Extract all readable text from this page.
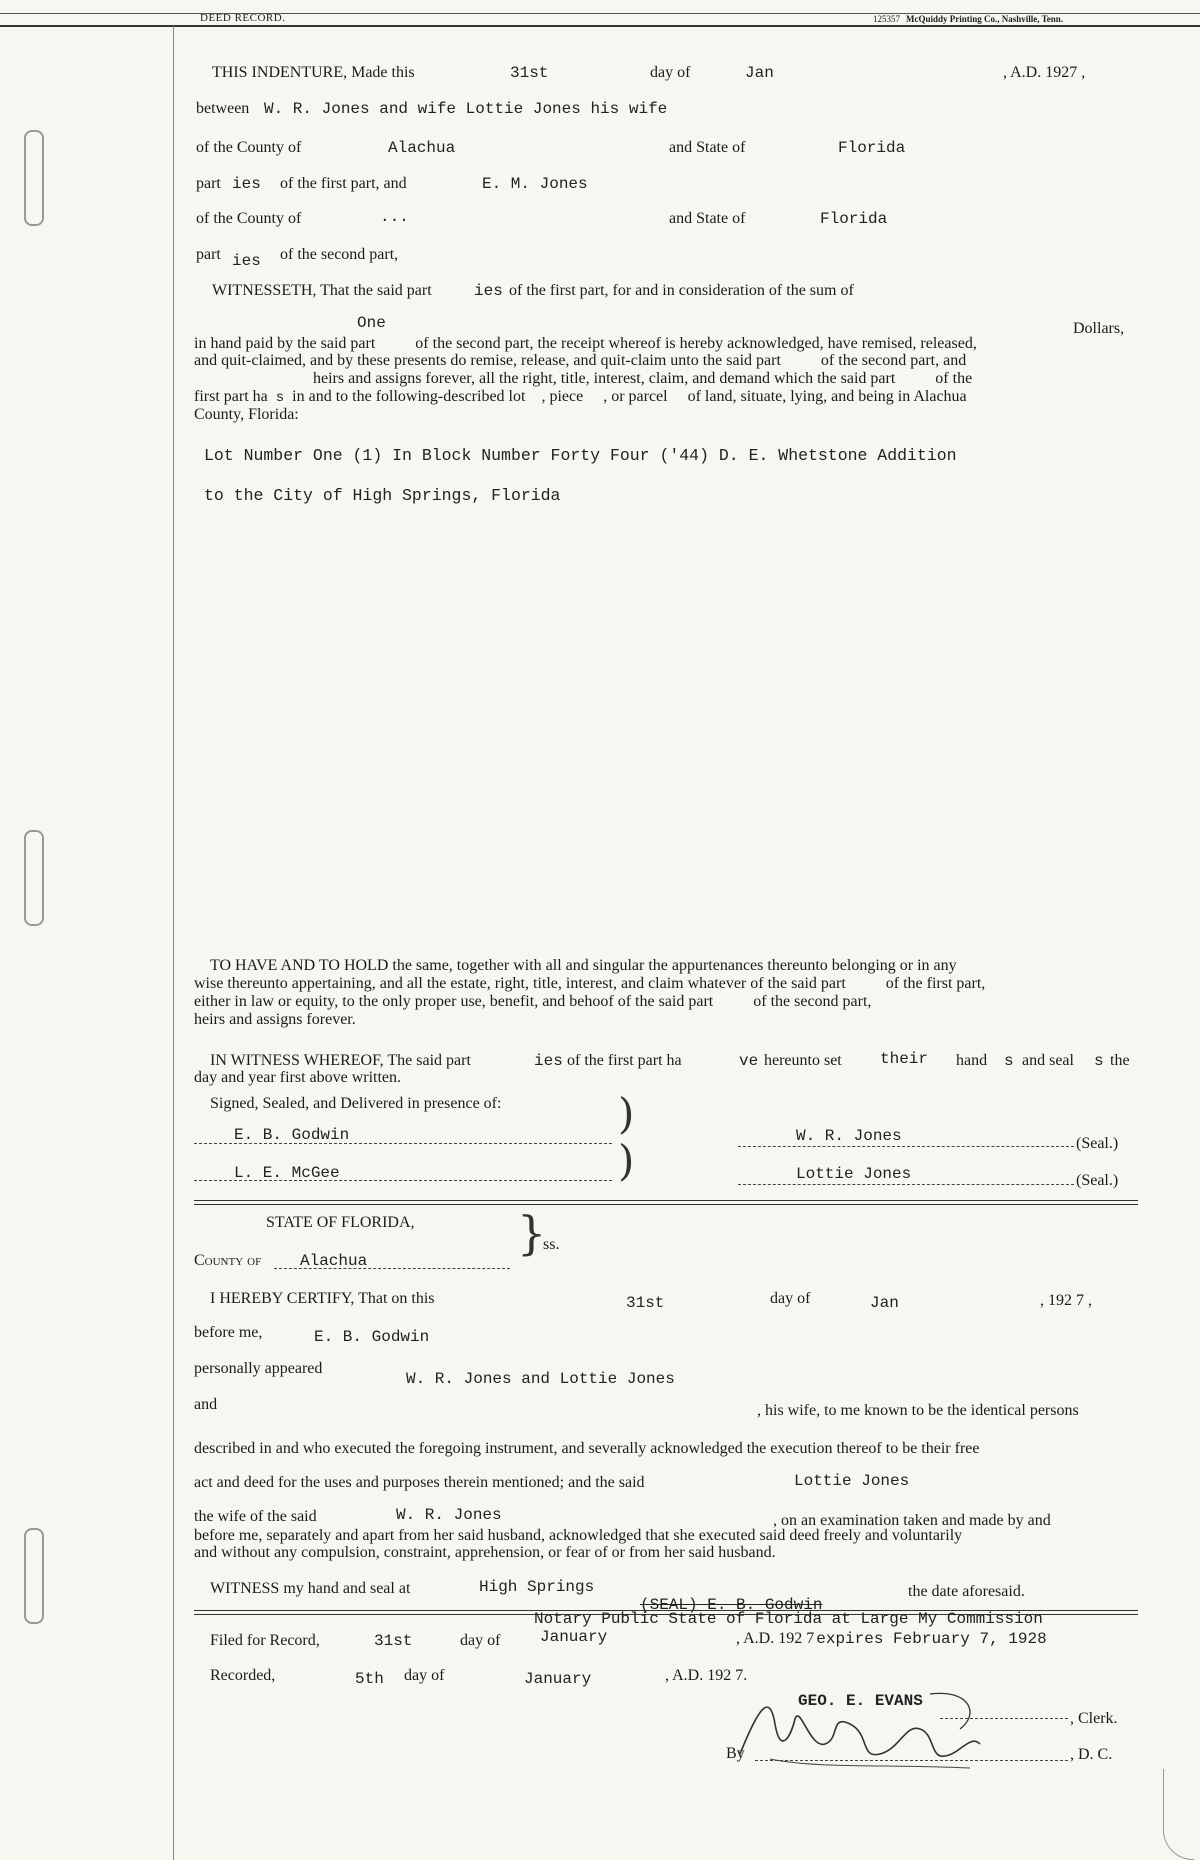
DEED RECORD.	125357 McQuiddy Printing Co., Nashville, Tenn.
THIS INDENTURE, Made this	31st	day of	Jan	, A.D. 1927 ,
between W. R. Jones and wife Lottie Jones his wife
of the County of	Alachua	and State of	Florida
part ies of the first part, and	E. M. Jones
of the County of	...	and State of	Florida
part ies of the second part,
WITNESSETH, That the said part	ies of the first part, for and in consideration of the sum of
One	Dollars,
in hand paid by the said part          of the second part, the receipt whereof is hereby acknowledged, have remised, released,
and quit-claimed, and by these presents do remise, release, and quit-claim unto the said part          of the second part, and
heirs and assigns forever, all the right, title, interest, claim, and demand which the said part          of the
first part ha s in and to the following-described lot    , piece     , or parcel     of land, situate, lying, and being in Alachua
County, Florida:
Lot Number One (1) In Block Number Forty Four ('44) D. E. Whetstone Addition
to the City of High Springs, Florida
TO HAVE AND TO HOLD the same, together with all and singular the appurtenances thereunto belonging or in any
wise thereunto appertaining, and all the estate, right, title, interest, and claim whatever of the said part          of the first part,
either in law or equity, to the only proper use, benefit, and behoof of the said part          of the second part,
heirs and assigns forever.
IN WITNESS WHEREOF, The said part	ies of the first part ha	ve hereunto set their hand s and seal s the
day and year first above written.
Signed, Sealed, and Delivered in presence of:	)
)
E. B. Godwin
L. E. McGee
W. R. Jones	(Seal.)
Lottie Jones	(Seal.)
STATE OF FLORIDA, }
ss.
County of Alachua
I HEREBY CERTIFY, That on this	31st	day of	Jan	, 192 7 ,
before me,	E. B. Godwin
personally appeared
W. R. Jones and Lottie Jones
and	, his wife, to me known to be the identical persons
described in and who executed the foregoing instrument, and severally acknowledged the execution thereof to be their free
act and deed for the uses and purposes therein mentioned; and the said	Lottie Jones
the wife of the said	W. R. Jones	, on an examination taken and made by and
before me, separately and apart from her said husband, acknowledged that she executed said deed freely and voluntarily
and without any compulsion, constraint, apprehension, or fear of or from her said husband.
WITNESS my hand and seal at	High Springs	the date aforesaid.
(SEAL) E. B. Godwin
Notary Public State of Florida at Large My Commission
Filed for Record,	31st	day of January	, A.D. 192 7 expires February 7, 1928
Recorded,	5th day of	January	, A.D. 192 7.
GEO. E. EVANS
, Clerk.
By	, D. C.
